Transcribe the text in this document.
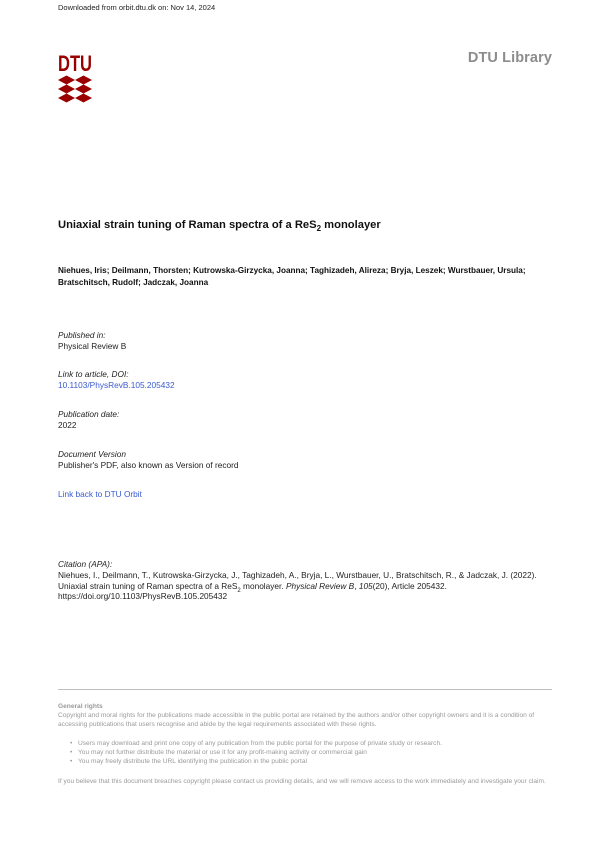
Downloaded from orbit.dtu.dk on: Nov 14, 2024
DTU	DTU Library
Uniaxial strain tuning of Raman spectra of a ReS$_2$ monolayer
Niehues, Iris; Deilmann, Thorsten; Kutrowska-Girzycka, Joanna; Taghizadeh, Alireza; Bryja, Leszek; Wurstbauer, Ursula; Bratschitsch, Rudolf; Jadczak, Joanna
Published in:
Physical Review B
Link to article, DOI:
10.1103/PhysRevB.105.205432
Publication date:
2022
Document Version
Publisher's PDF, also known as Version of record
Link back to DTU Orbit
Citation (APA):
Niehues, I., Deilmann, T., Kutrowska-Girzycka, J., Taghizadeh, A., Bryja, L., Wurstbauer, U., Bratschitsch, R., & Jadczak, J. (2022). Uniaxial strain tuning of Raman spectra of a ReS$_2$ monolayer. Physical Review B, 105(20), Article 205432. https://doi.org/10.1103/PhysRevB.105.205432
General rights
Copyright and moral rights for the publications made accessible in the public portal are retained by the authors and/or other copyright owners and it is a condition of accessing publications that users recognise and abide by the legal requirements associated with these rights.
• Users may download and print one copy of any publication from the public portal for the purpose of private study or research.
• You may not further distribute the material or use it for any profit-making activity or commercial gain
• You may freely distribute the URL identifying the publication in the public portal
If you believe that this document breaches copyright please contact us providing details, and we will remove access to the work immediately and investigate your claim.
